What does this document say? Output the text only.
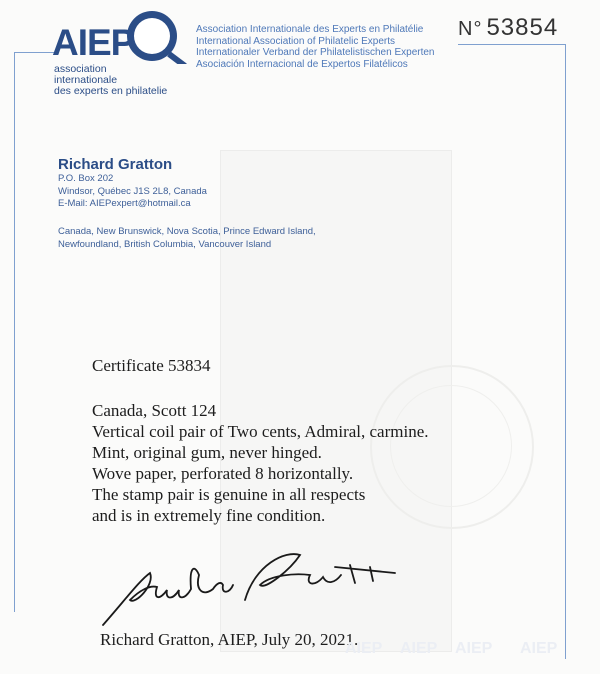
AIEP
association
internationale
des experts en philatelie
Association Internationale des Experts en Philatélie
International Association of Philatelic Experts
Internationaler Verband der Philatelistischen Experten
Asociación Internacional de Expertos Filatélicos
N° 53854
Richard Gratton
P.O. Box 202
Windsor, Québec J1S 2L8, Canada
E-Mail: AIEPexpert@hotmail.ca
Canada, New Brunswick, Nova Scotia, Prince Edward Island,
Newfoundland, British Columbia, Vancouver Island
Certificate 53834
Canada, Scott 124
Vertical coil pair of Two cents, Admiral, carmine.
Mint, original gum, never hinged.
Wove paper, perforated 8 horizontally.
The stamp pair is genuine in all respects
and is in extremely fine condition.
Richard Gratton, AIEP, July 20, 2021.
AIEP AIEP AIEP AIEP
